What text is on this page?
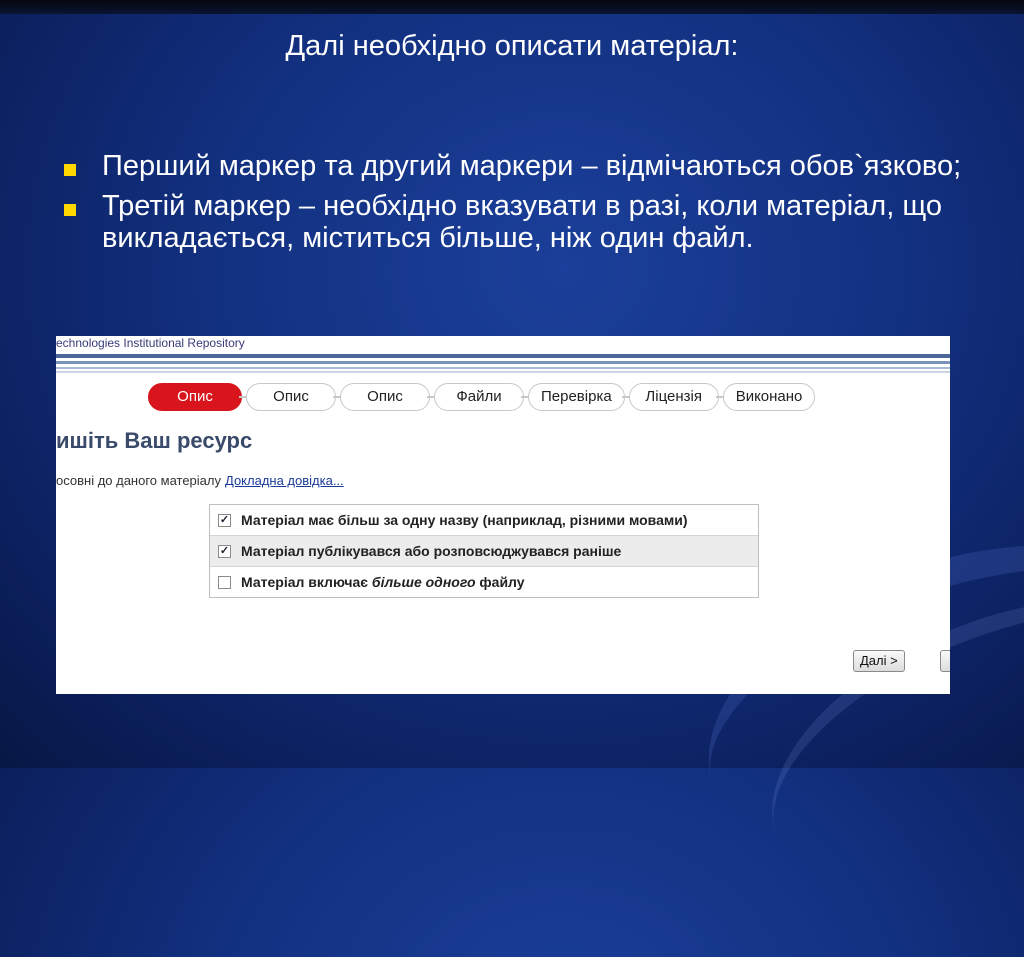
Далі необхідно описати матеріал:
Перший маркер та другий маркери – відмічаються обов`язково;
Третій маркер – необхідно вказувати в разі, коли матеріал, що викладається, міститься більше, ніж один файл.
echnologies Institutional Repository
Опис	Опис	Опис	Файли	Перевірка	Ліцензія	Виконано
ишіть Ваш ресурс
осовні до даного матеріалу Докладна довідка...
✓ Матеріал має більш за одну назву (наприклад, різними мовами)
✓ Матеріал публікувався або розповсюджувався раніше
Матеріал включає більше одного файлу
Далі >
